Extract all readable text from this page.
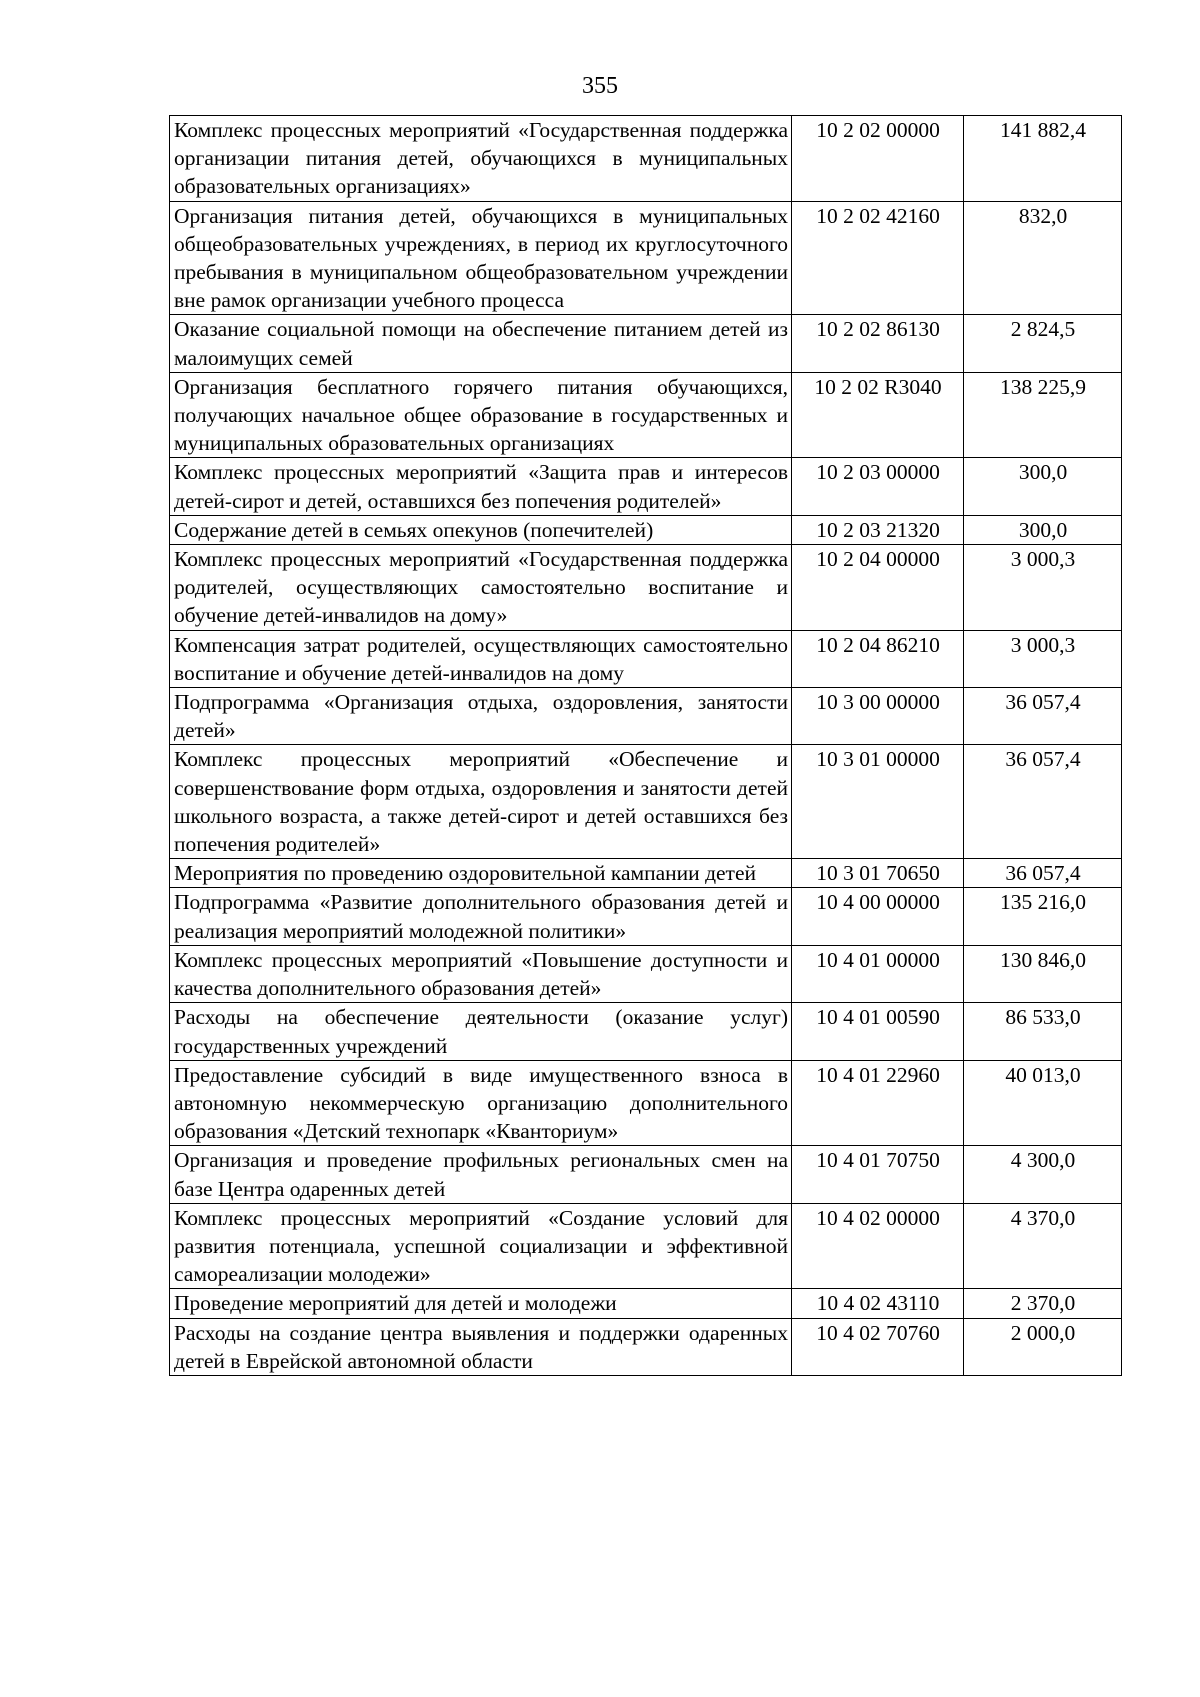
355
Комплекс процессных мероприятий «Государственная поддержка организации питания детей, обучающихся в муниципальных образовательных организациях»	10 2 02 00000	141 882,4
Организация питания детей, обучающихся в муниципальных общеобразовательных учреждениях, в период их круглосуточного пребывания в муниципальном общеобразовательном учреждении вне рамок организации учебного процесса	10 2 02 42160	832,0
Оказание социальной помощи на обеспечение питанием детей из малоимущих семей	10 2 02 86130	2 824,5
Организация бесплатного горячего питания обучающихся, получающих начальное общее образование в государственных и муниципальных образовательных организациях	10 2 02 R3040	138 225,9
Комплекс процессных мероприятий «Защита прав и интересов детей-сирот и детей, оставшихся без попечения родителей»	10 2 03 00000	300,0
Содержание детей в семьях опекунов (попечителей)	10 2 03 21320	300,0
Комплекс процессных мероприятий «Государственная поддержка родителей, осуществляющих самостоятельно воспитание и обучение детей-инвалидов на дому»	10 2 04 00000	3 000,3
Компенсация затрат родителей, осуществляющих самостоятельно воспитание и обучение детей-инвалидов на дому	10 2 04 86210	3 000,3
Подпрограмма «Организация отдыха, оздоровления, занятости детей»	10 3 00 00000	36 057,4
Комплекс процессных мероприятий «Обеспечение и совершенствование форм отдыха, оздоровления и занятости детей школьного возраста, а также детей-сирот и детей оставшихся без попечения родителей»	10 3 01 00000	36 057,4
Мероприятия по проведению оздоровительной кампании детей	10 3 01 70650	36 057,4
Подпрограмма «Развитие дополнительного образования детей и реализация мероприятий молодежной политики»	10 4 00 00000	135 216,0
Комплекс процессных мероприятий «Повышение доступности и качества дополнительного образования детей»	10 4 01 00000	130 846,0
Расходы на обеспечение деятельности (оказание услуг) государственных учреждений	10 4 01 00590	86 533,0
Предоставление субсидий в виде имущественного взноса в автономную некоммерческую организацию дополнительного образования «Детский технопарк «Кванториум»	10 4 01 22960	40 013,0
Организация и проведение профильных региональных смен на базе Центра одаренных детей	10 4 01 70750	4 300,0
Комплекс процессных мероприятий «Создание условий для развития потенциала, успешной социализации и эффективной самореализации молодежи»	10 4 02 00000	4 370,0
Проведение мероприятий для детей и молодежи	10 4 02 43110	2 370,0
Расходы на создание центра выявления и поддержки одаренных детей в Еврейской автономной области	10 4 02 70760	2 000,0
